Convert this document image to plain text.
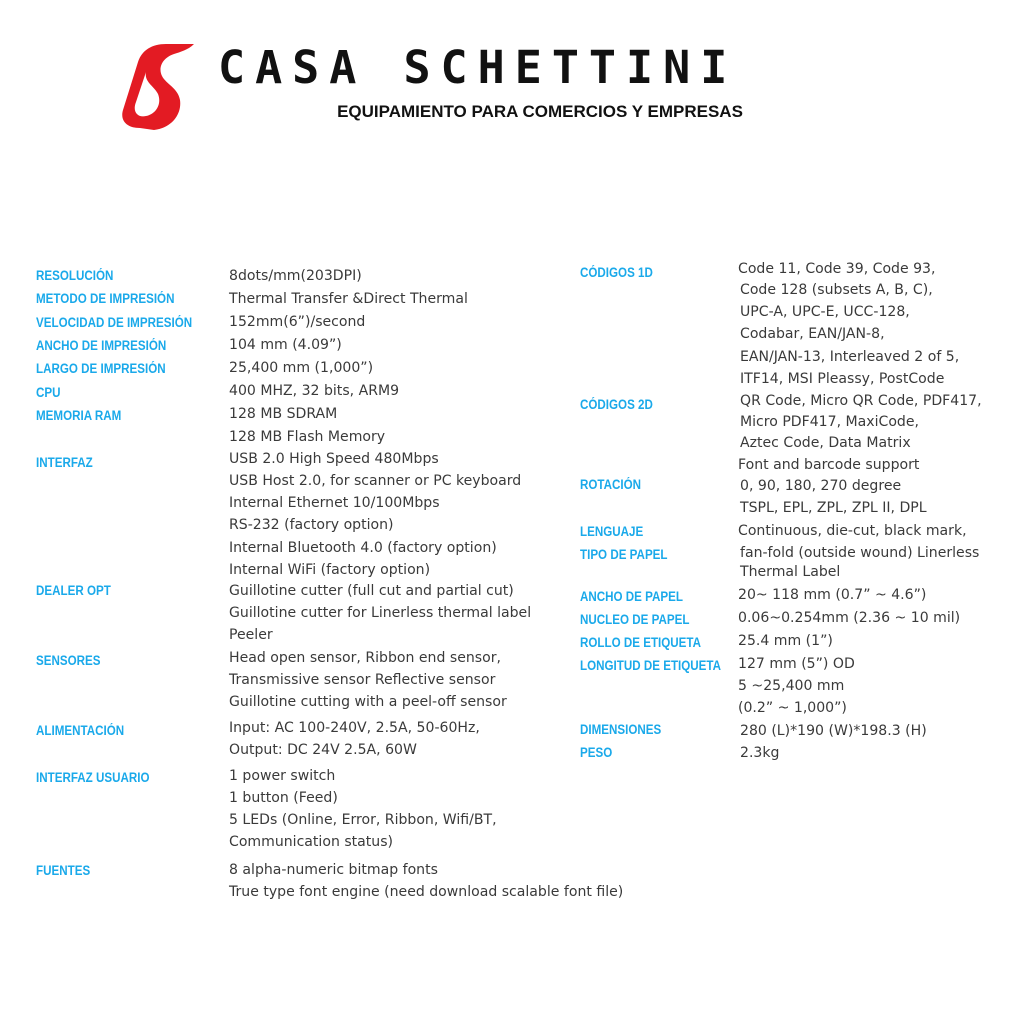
CASA SCHETTINI
EQUIPAMIENTO PARA COMERCIOS Y EMPRESAS
RESOLUCIÓN
METODO DE IMPRESIÓN
VELOCIDAD DE IMPRESIÓN
ANCHO DE IMPRESIÓN
LARGO DE IMPRESIÓN
CPU
MEMORIA RAM
INTERFAZ
DEALER OPT
SENSORES
ALIMENTACIÓN
INTERFAZ USUARIO
FUENTES
8dots/mm(203DPI)
Thermal Transfer &Direct Thermal
152mm(6”)/second
104 mm (4.09”)
25,400 mm (1,000”)
400 MHZ, 32 bits, ARM9
128 MB SDRAM
128 MB Flash Memory
USB 2.0 High Speed 480Mbps
USB Host 2.0, for scanner or PC keyboard
Internal Ethernet 10/100Mbps
RS-232 (factory option)
Internal Bluetooth 4.0 (factory option)
Internal WiFi (factory option)
Guillotine cutter (full cut and partial cut)
Guillotine cutter for Linerless thermal label
Peeler
Head open sensor, Ribbon end sensor,
Transmissive sensor Reflective sensor
Guillotine cutting with a peel-off sensor
Input: AC 100-240V, 2.5A, 50-60Hz,
Output: DC 24V 2.5A, 60W
1 power switch
1 button (Feed)
5 LEDs (Online, Error, Ribbon, Wifi/BT,
Communication status)
8 alpha-numeric bitmap fonts
True type font engine (need download scalable font file)
CÓDIGOS 1D
CÓDIGOS 2D
ROTACIÓN
LENGUAJE
TIPO DE PAPEL
ANCHO DE PAPEL
NUCLEO DE PAPEL
ROLLO DE ETIQUETA
LONGITUD DE ETIQUETA
DIMENSIONES
PESO
Code 11, Code 39, Code 93,
Code 128 (subsets A, B, C),
UPC-A, UPC-E, UCC-128,
Codabar, EAN/JAN-8,
EAN/JAN-13, Interleaved 2 of 5,
ITF14, MSI Pleassy, PostCode
QR Code, Micro QR Code, PDF417,
Micro PDF417, MaxiCode,
Aztec Code, Data Matrix
Font and barcode support
0, 90, 180, 270 degree
TSPL, EPL, ZPL, ZPL II, DPL
Continuous, die-cut, black mark,
fan-fold (outside wound) Linerless
Thermal Label
20~ 118 mm (0.7” ~ 4.6”)
0.06~0.254mm (2.36 ~ 10 mil)
25.4 mm (1”)
127 mm (5”) OD
5 ~25,400 mm
(0.2” ~ 1,000”)
280 (L)*190 (W)*198.3 (H)
2.3kg
